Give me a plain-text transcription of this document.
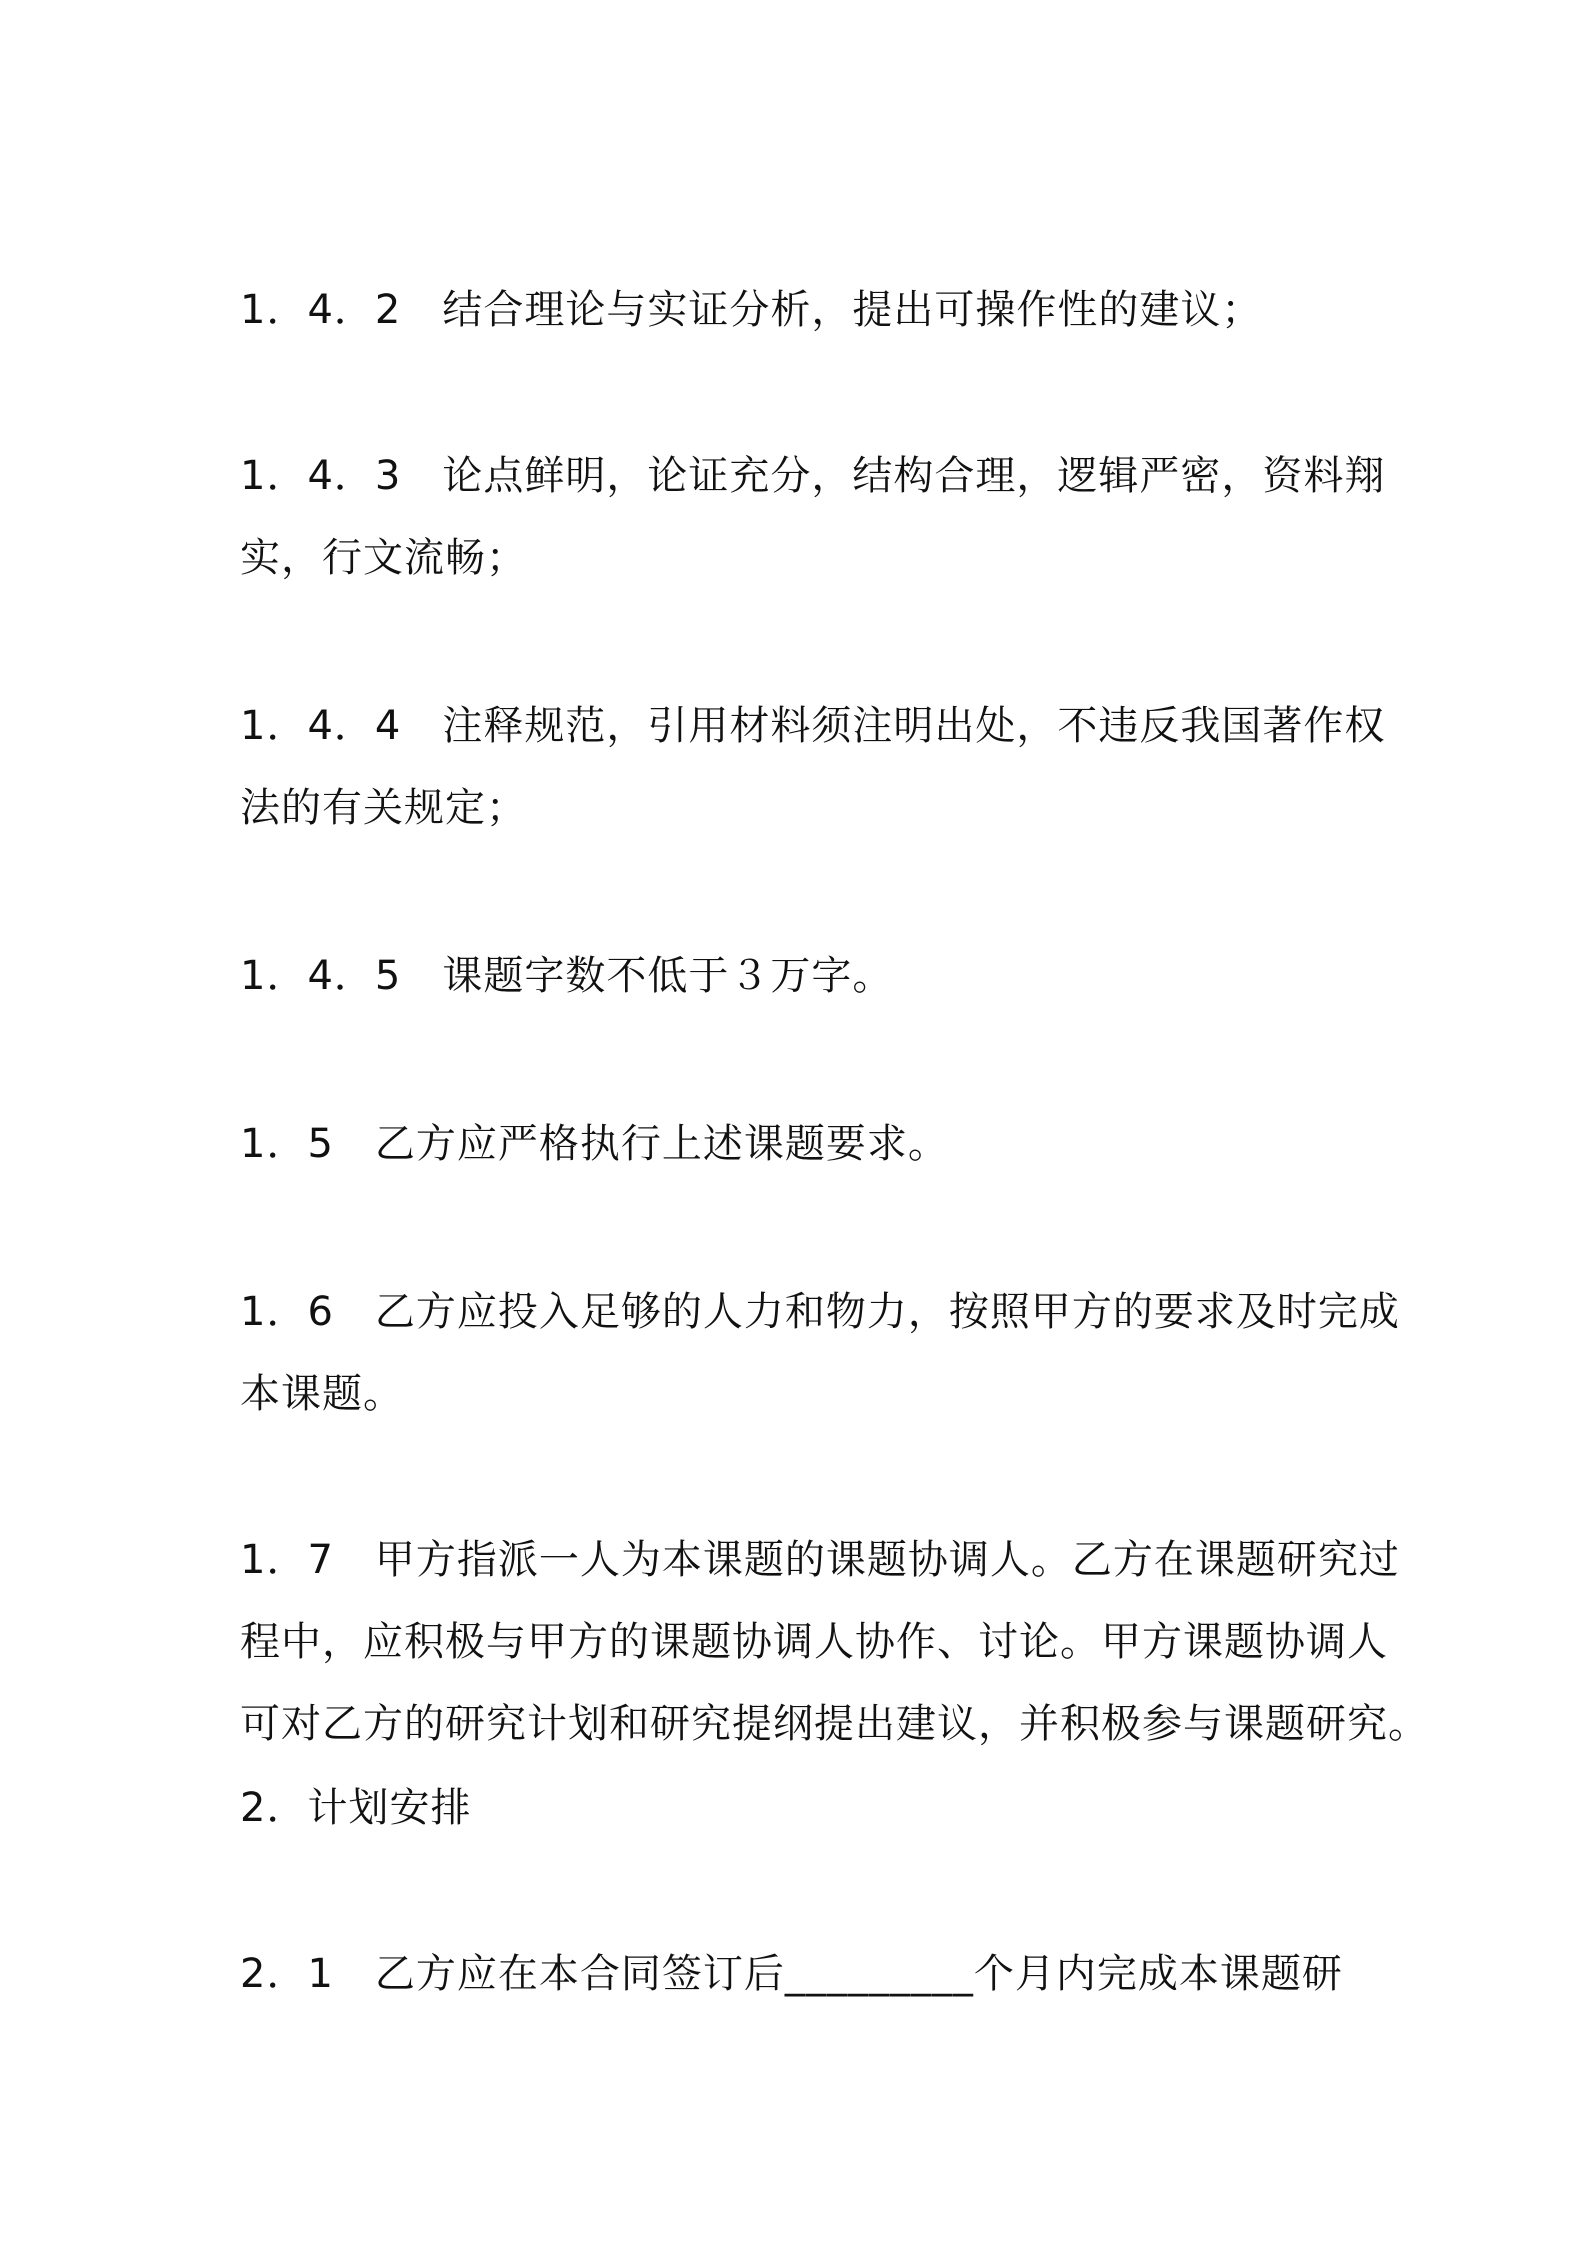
1．4．2　结合理论与实证分析，提出可操作性的建议；

1．4．3　论点鲜明，论证充分，结构合理，逻辑严密，资料翔

实，行文流畅；

1．4．4　注释规范，引用材料须注明出处，不违反我国著作权

法的有关规定；

1．4．5　课题字数不低于３万字。

1．5　乙方应严格执行上述课题要求。

1．6　乙方应投入足够的人力和物力，按照甲方的要求及时完成

本课题。

1．7　甲方指派一人为本课题的课题协调人。乙方在课题研究过

程中，应积极与甲方的课题协调人协作、讨论。甲方课题协调人

可对乙方的研究计划和研究提纲提出建议，并积极参与课题研究。

2．计划安排

2．1　乙方应在本合同签订后_________个月内完成本课题研
